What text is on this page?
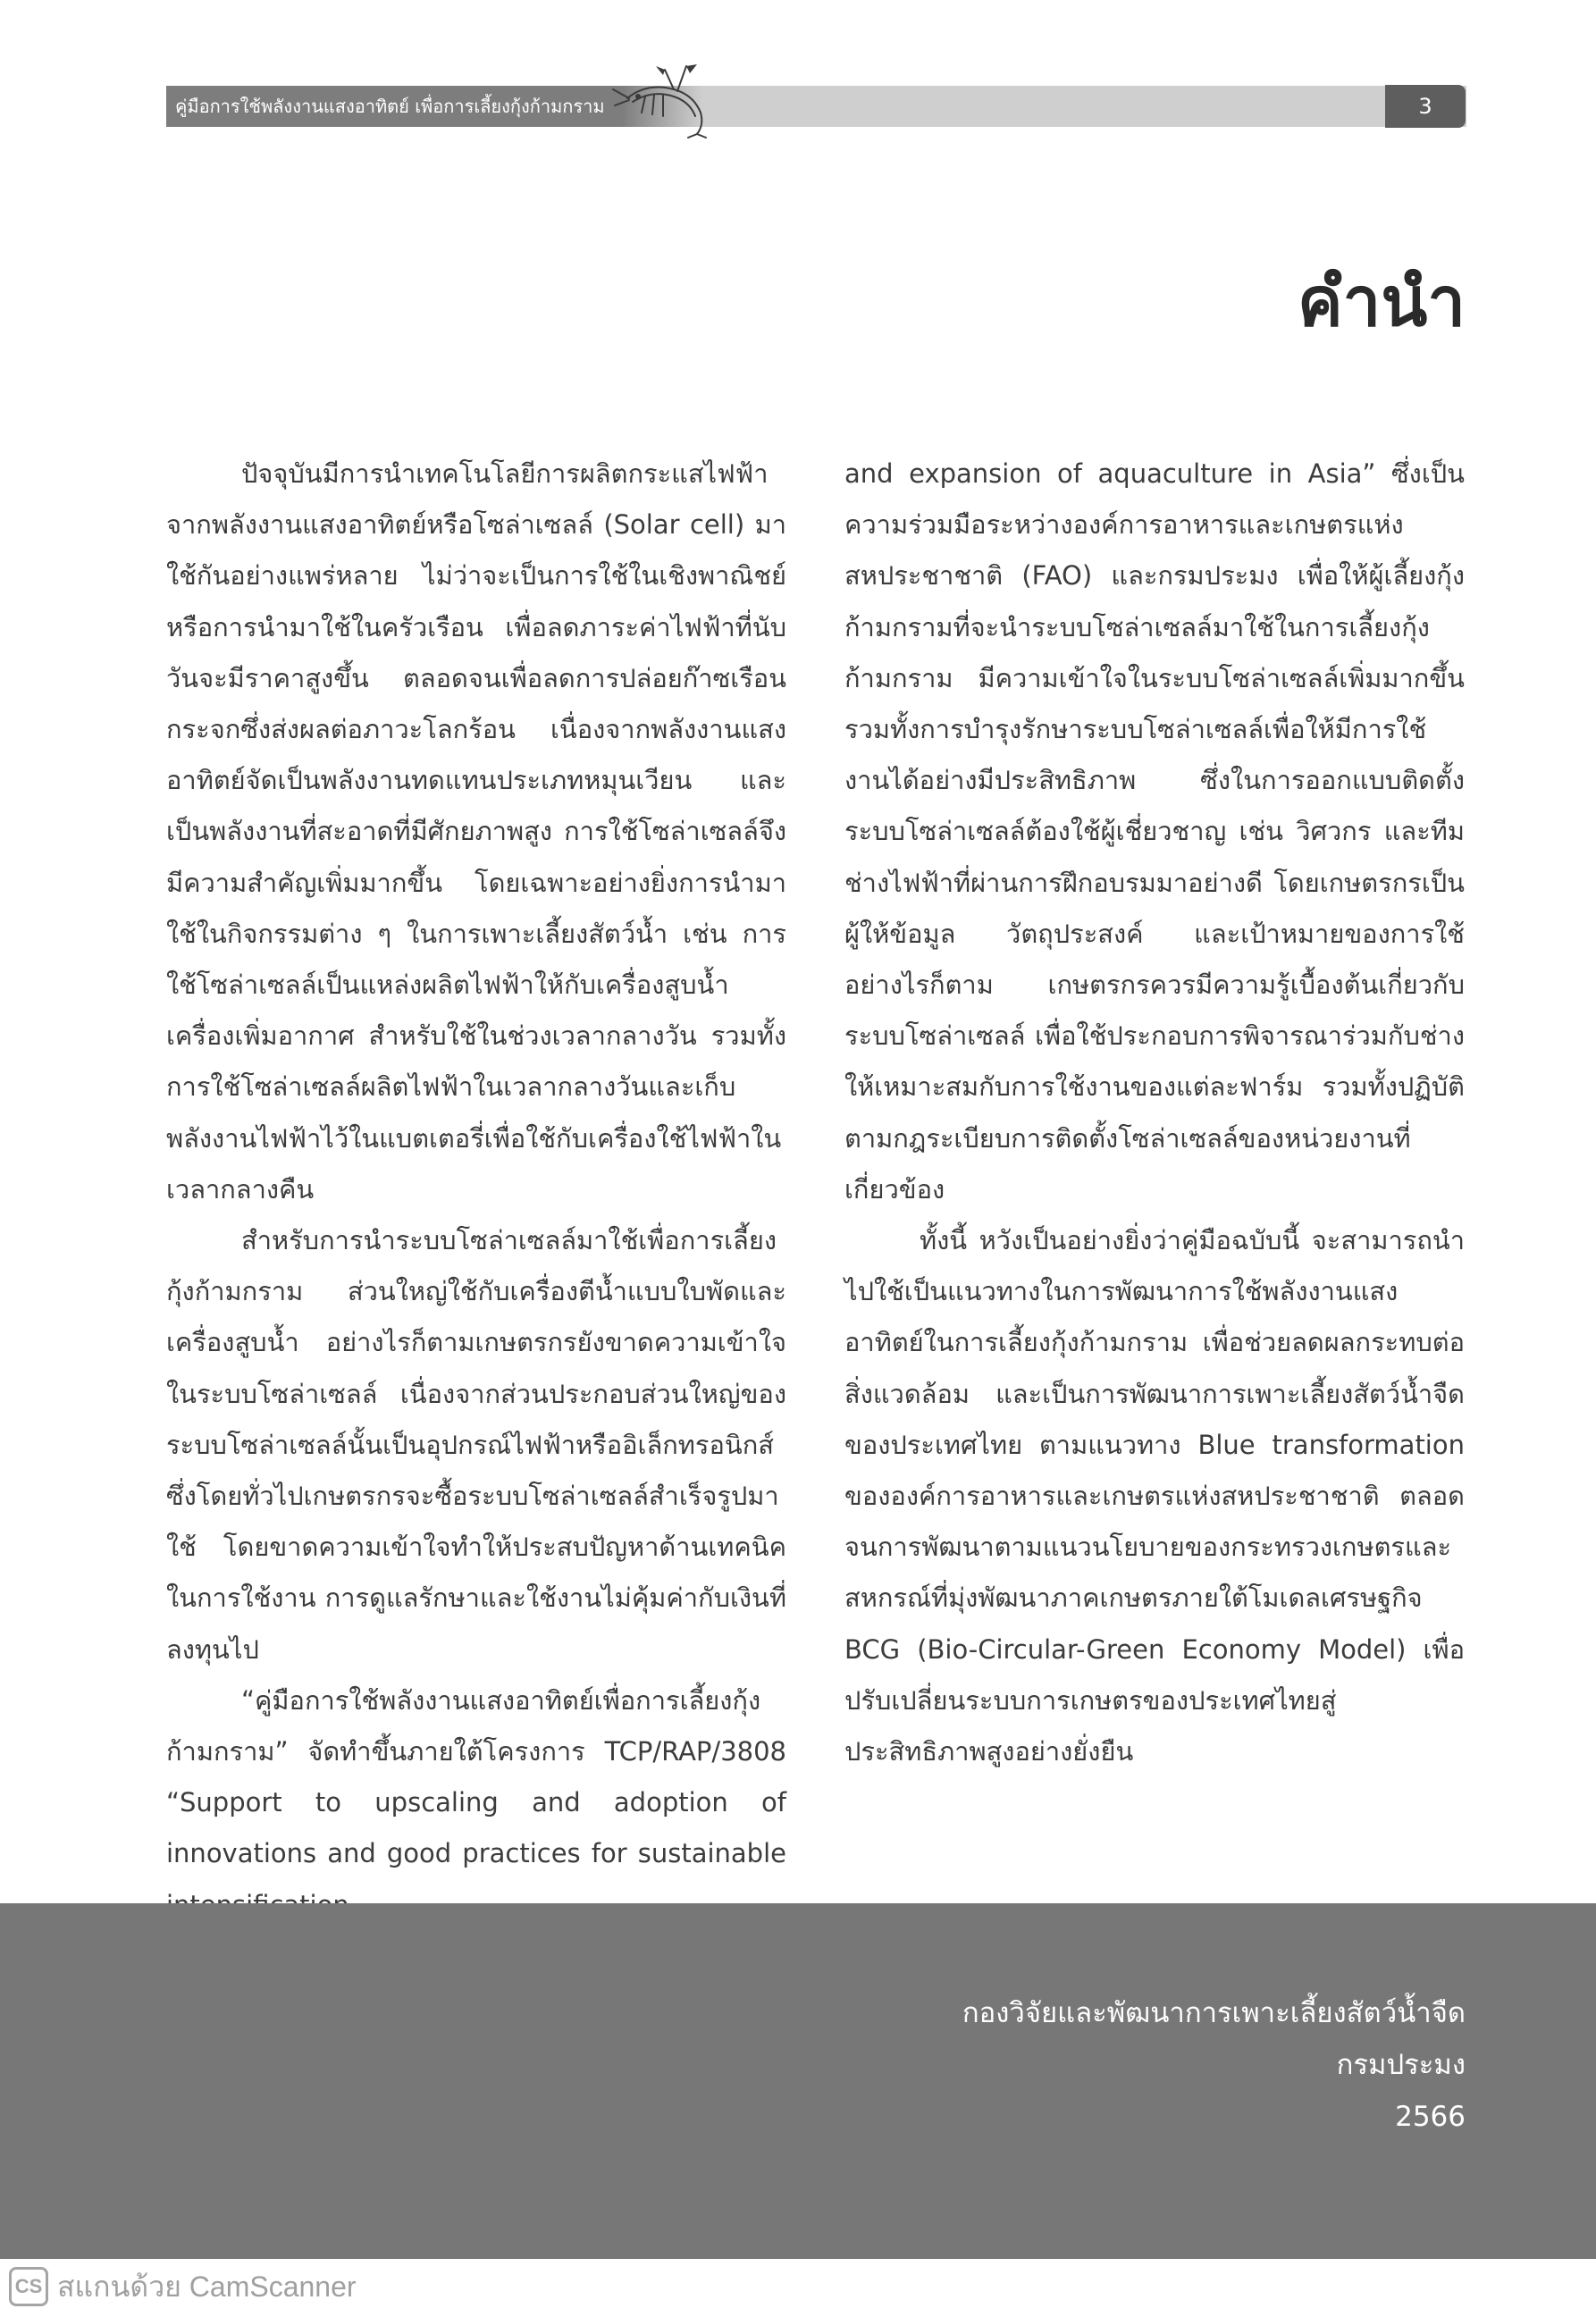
คู่มือการใช้พลังงานแสงอาทิตย์ เพื่อการเลี้ยงกุ้งก้ามกราม	3
คำนำ

ปัจจุบันมีการนำเทคโนโลยีการผลิตกระแสไฟฟ้าจากพลังงานแสงอาทิตย์หรือโซล่าเซลล์ (Solar cell) มาใช้กันอย่างแพร่หลาย ไม่ว่าจะเป็นการใช้ในเชิงพาณิชย์หรือการนำมาใช้ในครัวเรือน เพื่อลดภาระค่าไฟฟ้าที่นับวันจะมีราคาสูงขึ้น ตลอดจนเพื่อลดการปล่อยก๊าซเรือนกระจกซึ่งส่งผลต่อภาวะโลกร้อน เนื่องจากพลังงานแสงอาทิตย์จัดเป็นพลังงานทดแทนประเภทหมุนเวียน และเป็นพลังงานที่สะอาดที่มีศักยภาพสูง การใช้โซล่าเซลล์จึงมีความสำคัญเพิ่มมากขึ้น โดยเฉพาะอย่างยิ่งการนำมาใช้ในกิจกรรมต่าง ๆ ในการเพาะเลี้ยงสัตว์น้ำ เช่น การใช้โซล่าเซลล์เป็นแหล่งผลิตไฟฟ้าให้กับเครื่องสูบน้ำ เครื่องเพิ่มอากาศ สำหรับใช้ในช่วงเวลากลางวัน รวมทั้งการใช้โซล่าเซลล์ผลิตไฟฟ้าในเวลากลางวันและเก็บพลังงานไฟฟ้าไว้ในแบตเตอรี่เพื่อใช้กับเครื่องใช้ไฟฟ้าในเวลากลางคืน

สำหรับการนำระบบโซล่าเซลล์มาใช้เพื่อการเลี้ยงกุ้งก้ามกราม ส่วนใหญ่ใช้กับเครื่องตีน้ำแบบใบพัดและเครื่องสูบน้ำ อย่างไรก็ตามเกษตรกรยังขาดความเข้าใจในระบบโซล่าเซลล์ เนื่องจากส่วนประกอบส่วนใหญ่ของระบบโซล่าเซลล์นั้นเป็นอุปกรณ์ไฟฟ้าหรืออิเล็กทรอนิกส์ ซึ่งโดยทั่วไปเกษตรกรจะซื้อระบบโซล่าเซลล์สำเร็จรูปมาใช้ โดยขาดความเข้าใจทำให้ประสบปัญหาด้านเทคนิคในการใช้งาน การดูแลรักษาและใช้งานไม่คุ้มค่ากับเงินที่ลงทุนไป

“คู่มือการใช้พลังงานแสงอาทิตย์เพื่อการเลี้ยงกุ้งก้ามกราม” จัดทำขึ้นภายใต้โครงการ TCP/RAP/3808 “Support to upscaling and adoption of innovations and good practices for sustainable

and expansion of aquaculture in Asia” ซึ่งเป็นความร่วมมือระหว่างองค์การอาหารและเกษตรแห่งสหประชาชาติ (FAO) และกรมประมง เพื่อให้ผู้เลี้ยงกุ้งก้ามกรามที่จะนำระบบโซล่าเซลล์มาใช้ในการเลี้ยงกุ้งก้ามกราม มีความเข้าใจในระบบโซล่าเซลล์เพิ่มมากขึ้น รวมทั้งการบำรุงรักษาระบบโซล่าเซลล์เพื่อให้มีการใช้งานได้อย่างมีประสิทธิภาพ ซึ่งในการออกแบบติดตั้งระบบโซล่าเซลล์ต้องใช้ผู้เชี่ยวชาญ เช่น วิศวกร และทีมช่างไฟฟ้าที่ผ่านการฝึกอบรมมาอย่างดี โดยเกษตรกรเป็นผู้ให้ข้อมูล วัตถุประสงค์ และเป้าหมายของการใช้ อย่างไรก็ตาม เกษตรกรควรมีความรู้เบื้องต้นเกี่ยวกับระบบโซล่าเซลล์ เพื่อใช้ประกอบการพิจารณาร่วมกับช่างให้เหมาะสมกับการใช้งานของแต่ละฟาร์ม รวมทั้งปฏิบัติตามกฎระเบียบการติดตั้งโซล่าเซลล์ของหน่วยงานที่เกี่ยวข้อง

ทั้งนี้ หวังเป็นอย่างยิ่งว่าคู่มือฉบับนี้ จะสามารถนำไปใช้เป็นแนวทางในการพัฒนาการใช้พลังงานแสงอาทิตย์ในการเลี้ยงกุ้งก้ามกราม เพื่อช่วยลดผลกระทบต่อสิ่งแวดล้อม และเป็นการพัฒนาการเพาะเลี้ยงสัตว์น้ำจืดของประเทศไทย ตามแนวทาง Blue transformation ขององค์การอาหารและเกษตรแห่งสหประชาชาติ ตลอดจนการพัฒนาตามแนวนโยบายของกระทรวงเกษตรและสหกรณ์ที่มุ่งพัฒนาภาคเกษตรภายใต้โมเดลเศรษฐกิจ BCG (Bio-Circular-Green Economy Model) เพื่อปรับเปลี่ยนระบบการเกษตรของประเทศไทยสู่ประสิทธิภาพสูงอย่างยั่งยืน

กองวิจัยและพัฒนาการเพาะเลี้ยงสัตว์น้ำจืด
กรมประมง
2566
CS สแกนด้วย CamScanner
